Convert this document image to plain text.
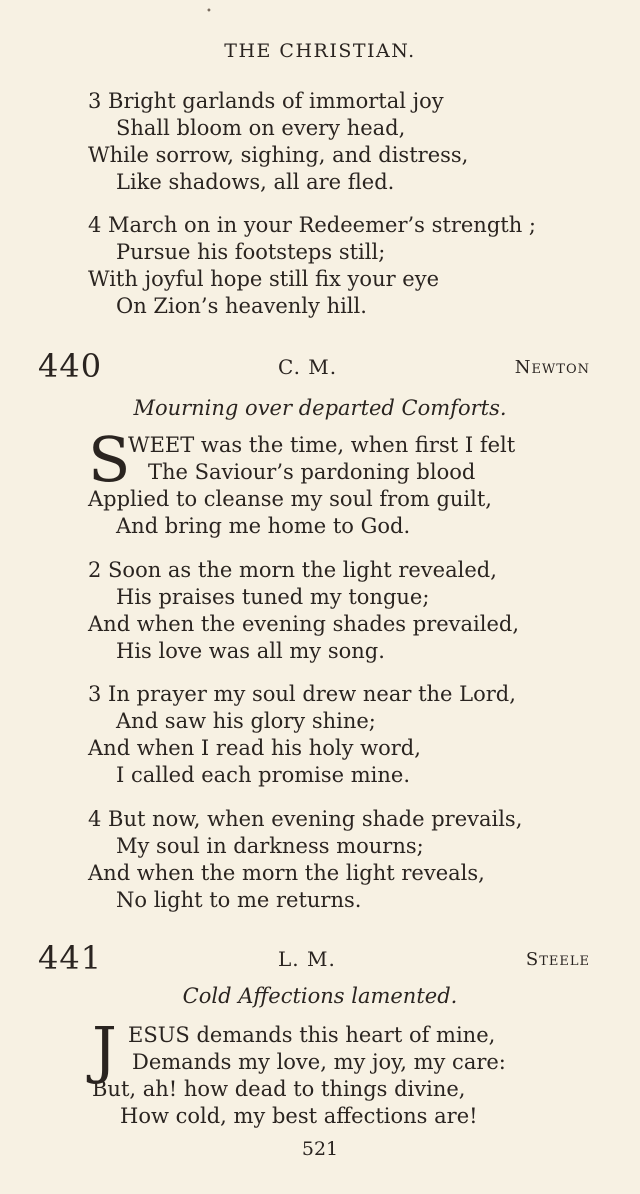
•
THE CHRISTIAN.
3 Bright garlands of immortal joy
Shall bloom on every head,
While sorrow, sighing, and distress,
Like shadows, all are fled.
4 March on in your Redeemer’s strength ;
Pursue his footsteps still;
With joyful hope still fix your eye
On Zion’s heavenly hill.
440	C. M.	Newton
Mourning over departed Comforts.
S
WEET was the time, when first I felt
The Saviour’s pardoning blood
Applied to cleanse my soul from guilt,
And bring me home to God.
2 Soon as the morn the light revealed,
His praises tuned my tongue;
And when the evening shades prevailed,
His love was all my song.
3 In prayer my soul drew near the Lord,
And saw his glory shine;
And when I read his holy word,
I called each promise mine.
4 But now, when evening shade prevails,
My soul in darkness mourns;
And when the morn the light reveals,
No light to me returns.
441	L. M.	Steele
Cold Affections lamented.
J ESUS demands this heart of mine,
Demands my love, my joy, my care:
But, ah! how dead to things divine,
How cold, my best affections are!
521
